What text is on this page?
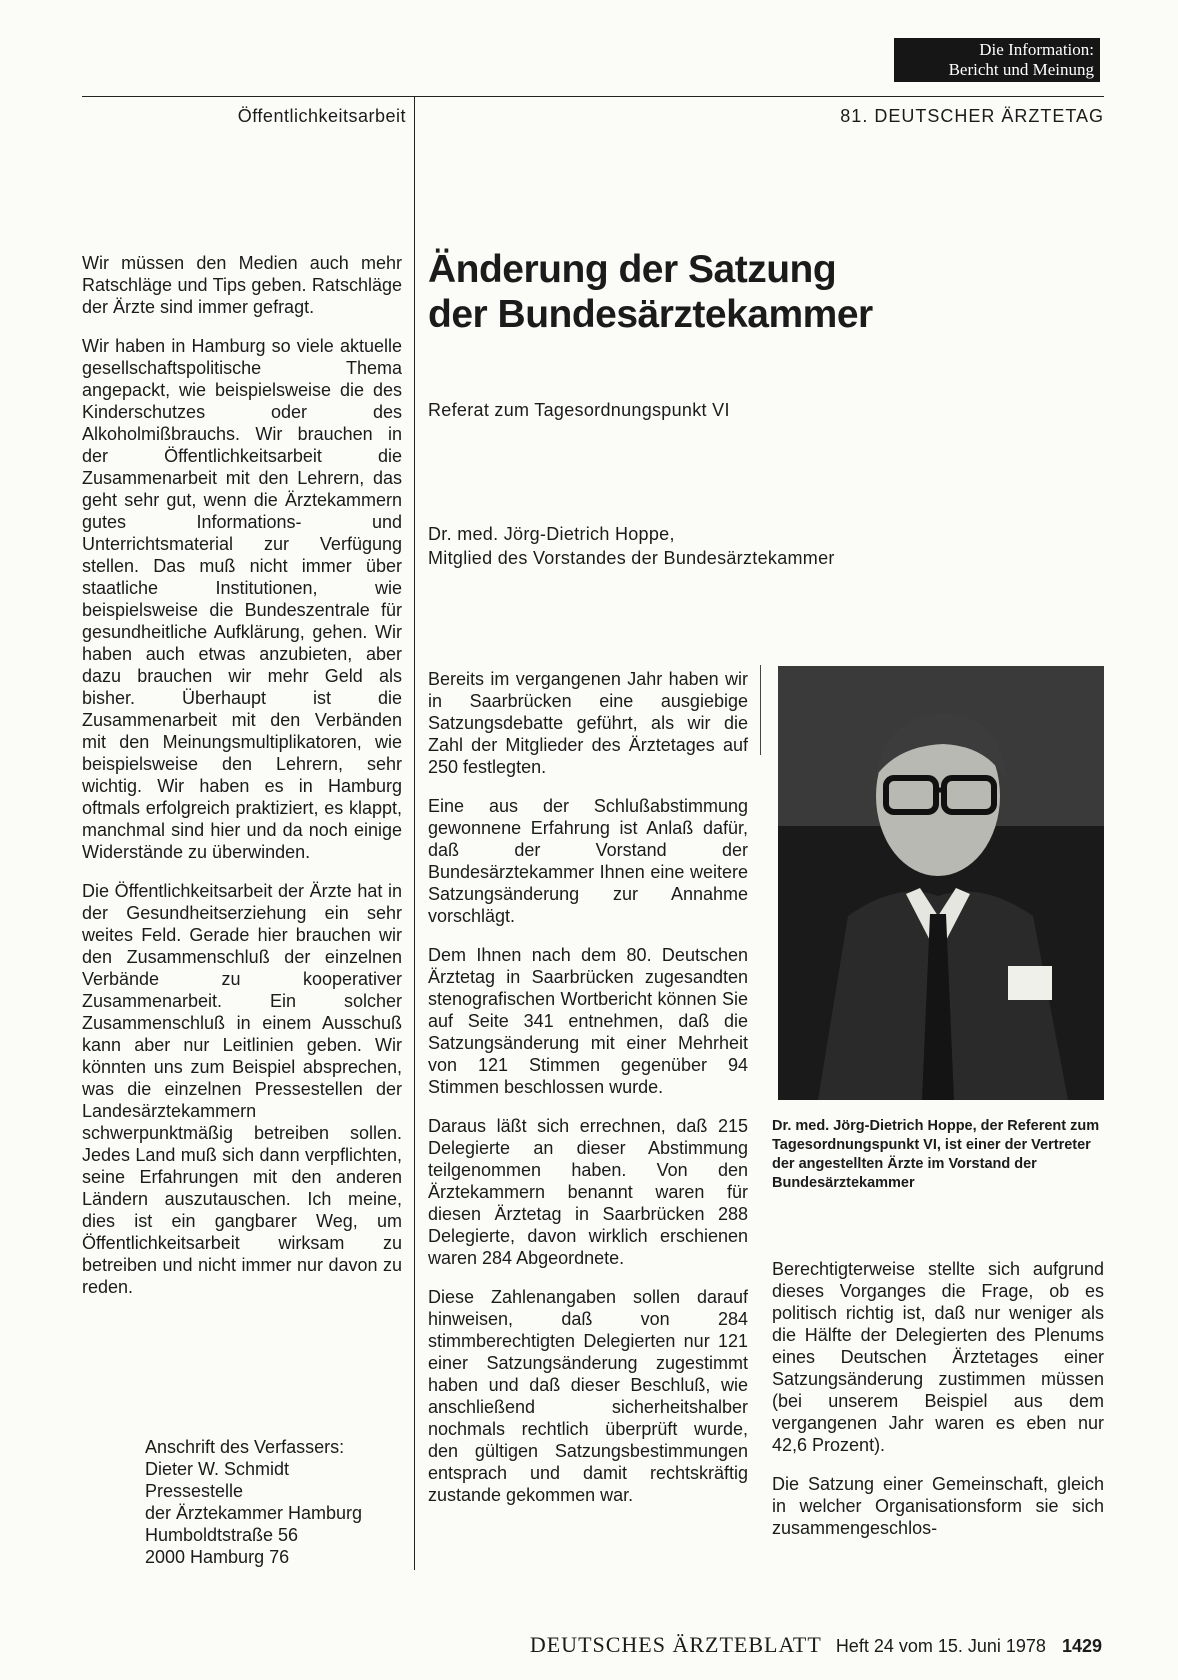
Die Information:
Bericht und Meinung
Öffentlichkeitsarbeit	81. DEUTSCHER ÄRZTETAG
Änderung der Satzung
der Bundesärztekammer
Referat zum Tagesordnungspunkt VI
Dr. med. Jörg-Dietrich Hoppe,
Mitglied des Vorstandes der Bundesärztekammer

Wir müssen den Medien auch mehr Ratschläge und Tips geben. Ratschläge der Ärzte sind immer gefragt.

Wir haben in Hamburg so viele aktuelle gesellschaftspolitische Thema angepackt, wie beispielsweise die des Kinderschutzes oder des Alkoholmißbrauchs. Wir brauchen in der Öffentlichkeitsarbeit die Zusammenarbeit mit den Lehrern, das geht sehr gut, wenn die Ärztekammern gutes Informations- und Unterrichtsmaterial zur Verfügung stellen. Das muß nicht immer über staatliche Institutionen, wie beispielsweise die Bundeszentrale für gesundheitliche Aufklärung, gehen. Wir haben auch etwas anzubieten, aber dazu brauchen wir mehr Geld als bisher. Überhaupt ist die Zusammenarbeit mit den Verbänden mit den Meinungsmultiplikatoren, wie beispielsweise den Lehrern, sehr wichtig. Wir haben es in Hamburg oftmals erfolgreich praktiziert, es klappt, manchmal sind hier und da noch einige Widerstände zu überwinden.

Die Öffentlichkeitsarbeit der Ärzte hat in der Gesundheitserziehung ein sehr weites Feld. Gerade hier brauchen wir den Zusammenschluß der einzelnen Verbände zu kooperativer Zusammenarbeit. Ein solcher Zusammenschluß in einem Ausschuß kann aber nur Leitlinien geben. Wir könnten uns zum Beispiel absprechen, was die einzelnen Pressestellen der Landesärztekammern schwerpunktmäßig betreiben sollen. Jedes Land muß sich dann verpflichten, seine Erfahrungen mit den anderen Ländern auszutauschen. Ich meine, dies ist ein gangbarer Weg, um Öffentlichkeitsarbeit wirksam zu betreiben und nicht immer nur davon zu reden.

Anschrift des Verfassers:
Dieter W. Schmidt
Pressestelle
der Ärztekammer Hamburg
Humboldtstraße 56
2000 Hamburg 76

Bereits im vergangenen Jahr haben wir in Saarbrücken eine ausgiebige Satzungsdebatte geführt, als wir die Zahl der Mitglieder des Ärztetages auf 250 festlegten.

Eine aus der Schlußabstimmung gewonnene Erfahrung ist Anlaß dafür, daß der Vorstand der Bundesärztekammer Ihnen eine weitere Satzungsänderung zur Annahme vorschlägt.

Dem Ihnen nach dem 80. Deutschen Ärztetag in Saarbrücken zugesandten stenografischen Wortbericht können Sie auf Seite 341 entnehmen, daß die Satzungsänderung mit einer Mehrheit von 121 Stimmen gegenüber 94 Stimmen beschlossen wurde.

Daraus läßt sich errechnen, daß 215 Delegierte an dieser Abstimmung teilgenommen haben. Von den Ärztekammern benannt waren für diesen Ärztetag in Saarbrücken 288 Delegierte, davon wirklich erschienen waren 284 Abgeordnete.

Diese Zahlenangaben sollen darauf hinweisen, daß von 284 stimmberechtigten Delegierten nur 121 einer Satzungsänderung zugestimmt haben und daß dieser Beschluß, wie anschließend sicherheitshalber nochmals rechtlich überprüft wurde, den gültigen Satzungsbestimmungen entsprach und damit rechtskräftig zustande gekommen war.

Dr. med. Jörg-Dietrich Hoppe, der Referent zum Tagesordnungspunkt VI, ist einer der Vertreter der angestellten Ärzte im Vorstand der Bundesärztekammer

Berechtigterweise stellte sich aufgrund dieses Vorganges die Frage, ob es politisch richtig ist, daß nur weniger als die Hälfte der Delegierten des Plenums eines Deutschen Ärztetages einer Satzungsänderung zustimmen müssen (bei unserem Beispiel aus dem vergangenen Jahr waren es eben nur 42,6 Prozent).

Die Satzung einer Gemeinschaft, gleich in welcher Organisationsform sie sich zusammengeschlos-

DEUTSCHES ÄRZTEBLATT Heft 24 vom 15. Juni 1978 1429
